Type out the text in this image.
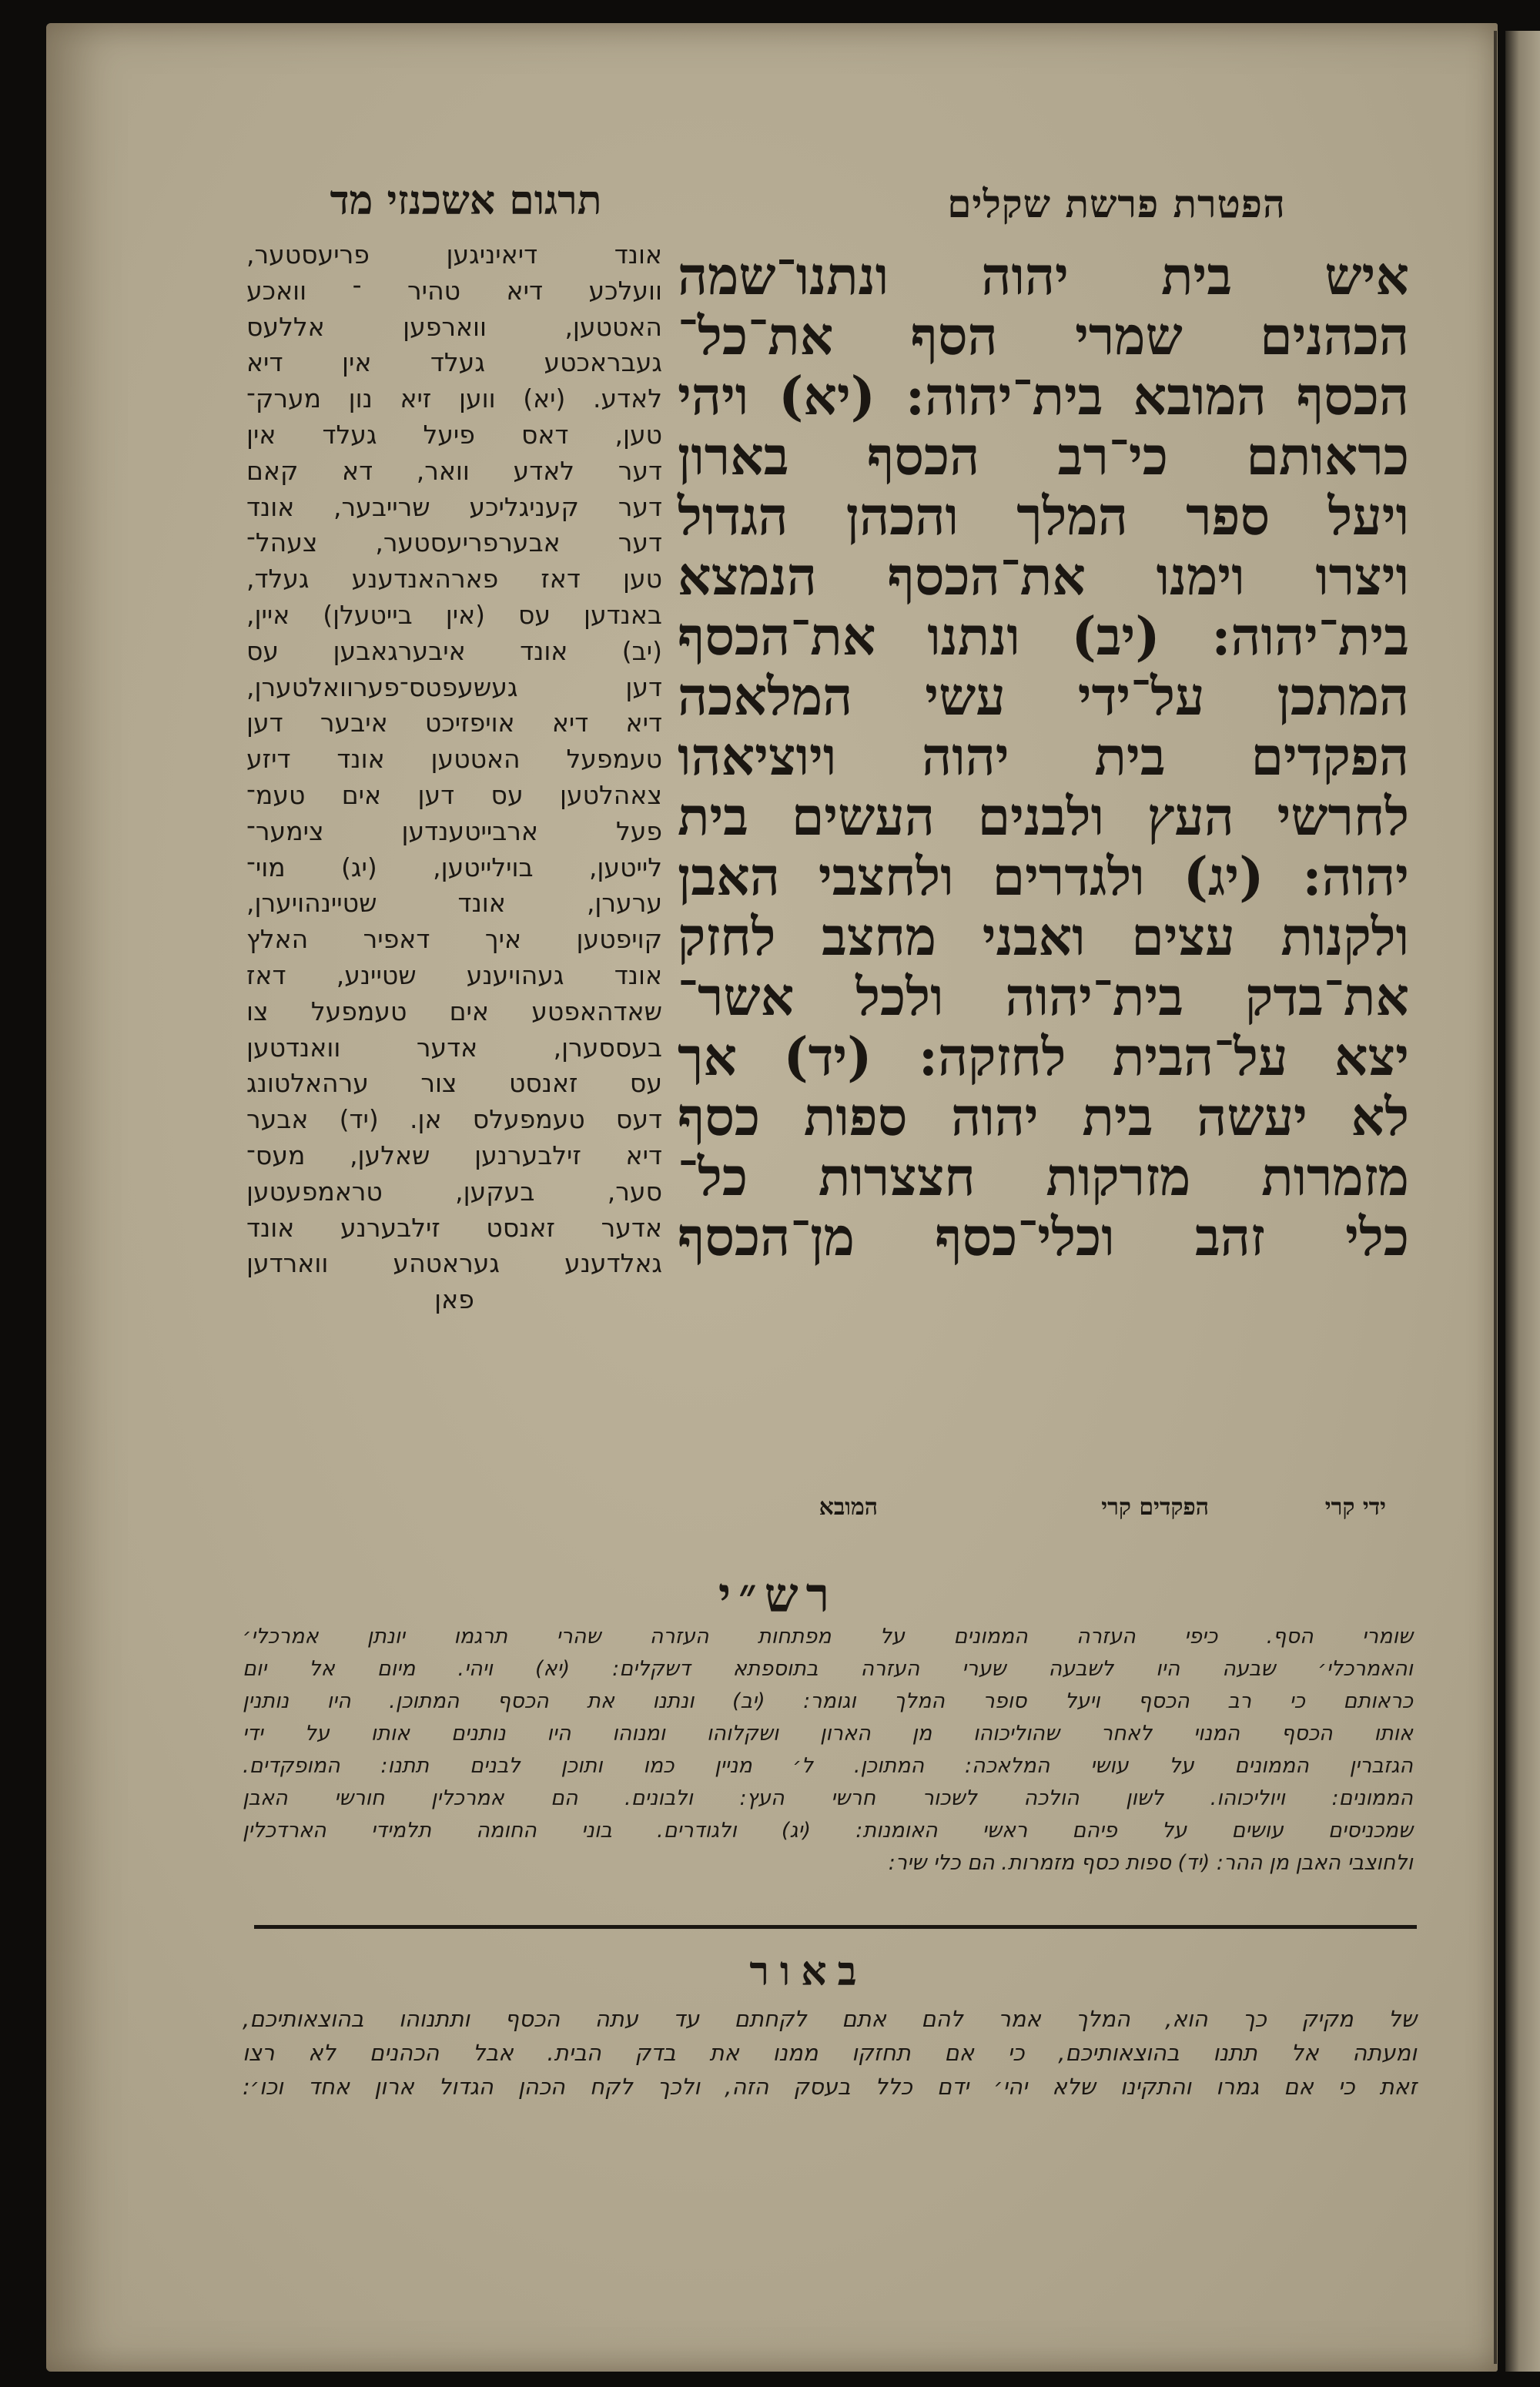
הפטרת פרשת שקלים
תרגום אשכנזי מד
איש בית יהוה ונתנו־שמה
הכהנים שמרי הסף את־כל־
הכסף המובא בית־יהוה: (יא) ויהי
כראותם כי־רב הכסף בארון
ויעל ספר המלך והכהן הגדול
ויצרו וימנו את־הכסף הנמצא
בית־יהוה: (יב) ונתנו את־הכסף
המתכן על־ידי עשי המלאכה
הפקדים בית יהוה ויוציאהו
לחרשי העץ ולבנים העשים בית
יהוה: (יג) ולגדרים ולחצבי האבן
ולקנות עצים ואבני מחצב לחזק
את־בדק בית־יהוה ולכל אשר־
יצא על־הבית לחזקה: (יד) אך
לא יעשה בית יהוה ספות כסף
מזמרות מזרקות חצצרות כל־
כלי זהב וכלי־כסף מן־הכסף
ידי קרי
הפקדים קרי
המובא
אונד דיאיניגען פריעסטער,
וועלכע דיא טהיר ־ וואכע
האטטען, ווארפען אללעס
געבראכטע געלד אין דיא
לאדע. (יא) ווען זיא נון מערק־
טען, דאס פיעל געלד אין
דער לאדע וואר, דא קאם
דער קעניגליכע שרייבער, אונד
דער אבערפריעסטער, צעהל־
טען דאז פארהאנדענע געלד,
באנדען עס (אין בייטעלן) איין,
(יב) אונד איבערגאבען עס
דען געשעפטס־פערוואלטערן,
דיא דיא אויפזיכט איבער דען
טעמפעל האטטען אונד דיזע
צאהלטען עס דען אים טעמ־
פעל ארבייטענדען צימער־
לייטען, בוילייטען, (יג) מוי־
ערערן, אונד שטיינהויערן,
קויפטען איך דאפיר האלץ
אונד געהויענע שטיינע, דאז
שאדהאפטע אים טעמפעל צו
בעססערן, אדער וואנדטען
עס זאנסט צור ערהאלטונג
דעס טעמפעלס אן. (יד) אבער
דיא זילבערנען שאלען, מעס־
סער, בעקען, טראמפעטען
אדער זאנסט זילבערנע אונד
גאלדענע געראטהע ווארדען
פאן
רש״י
שומרי הסף. כיפי העזרה הממונים על מפתחות העזרה שהרי תרגמו יונתן אמרכלי׳
והאמרכלי׳ שבעה היו לשבעה שערי העזרה בתוספתא דשקלים: (יא) ויהי. מיום אל יום
כראותם כי רב הכסף ויעל סופר המלך וגומר: (יב) ונתנו את הכסף המתוכן. היו נותנין
אותו הכסף המנוי לאחר שהוליכוהו מן הארון ושקלוהו ומנוהו היו נותנים אותו על ידי
הגזברין הממונים על עושי המלאכה: המתוכן. ל׳ מניין כמו ותוכן לבנים תתנו: המופקדים.
הממונים: ויוליכוהו. לשון הולכה לשכור חרשי העץ: ולבונים. הם אמרכלין חורשי האבן
שמכניסים עושים על פיהם ראשי האומנות: (יג) ולגודרים. בוני החומה תלמידי הארדכלין
ולחוצבי האבן מן ההר: (יד) ספות כסף מזמרות. הם כלי שיר:
באור
של מקיק כך הוא, המלך אמר להם אתם לקחתם עד עתה הכסף ותתנוהו בהוצאותיכם,
ומעתה אל תתנו בהוצאותיכם, כי אם תחזקו ממנו את בדק הבית. אבל הכהנים לא רצו
זאת כי אם גמרו והתקינו שלא יהי׳ ידם כלל בעסק הזה, ולכך לקח הכהן הגדול ארון אחד וכו׳:
